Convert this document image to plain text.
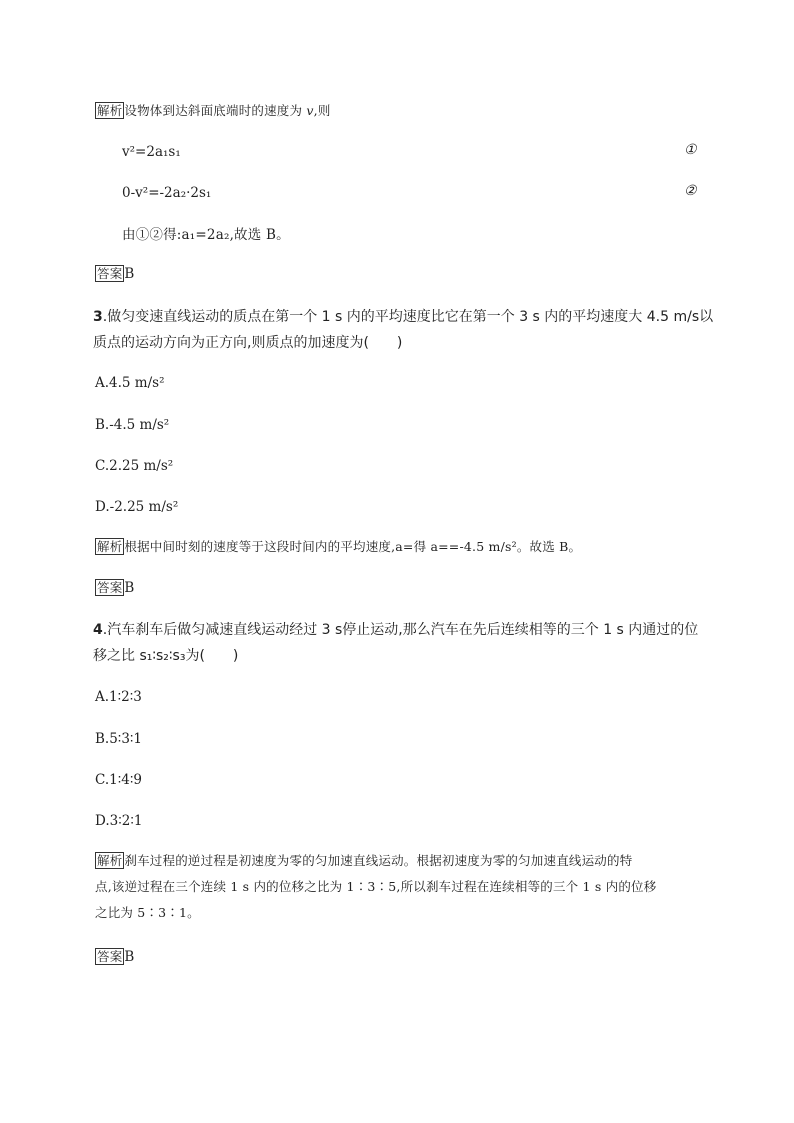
解析 设物体到达斜面底端时的速度为 v,则
v²=2a₁s₁	①
0-v²=-2a₂·2s₁	②
由①②得:a₁=2a₂,故选 B。
答案 B
3.做匀变速直线运动的质点在第一个 1 s 内的平均速度比它在第一个 3 s 内的平均速度大 4.5 m/s以
质点的运动方向为正方向,则质点的加速度为(　　)
A.4.5 m/s²
B.-4.5 m/s²
C.2.25 m/s²
D.-2.25 m/s²
解析 根据中间时刻的速度等于这段时间内的平均速度,a=得 a==-4.5 m/s²。故选 B。
答案 B
4.汽车刹车后做匀减速直线运动经过 3 s停止运动,那么汽车在先后连续相等的三个 1 s 内通过的位
移之比 s₁∶s₂∶s₃为(　　)
A.1∶2∶3
B.5∶3∶1
C.1∶4∶9
D.3∶2∶1
解析 刹车过程的逆过程是初速度为零的匀加速直线运动。根据初速度为零的匀加速直线运动的特
点,该逆过程在三个连续 1 s 内的位移之比为 1∶3∶5,所以刹车过程在连续相等的三个 1 s 内的位移
之比为 5∶3∶1。
答案 B
